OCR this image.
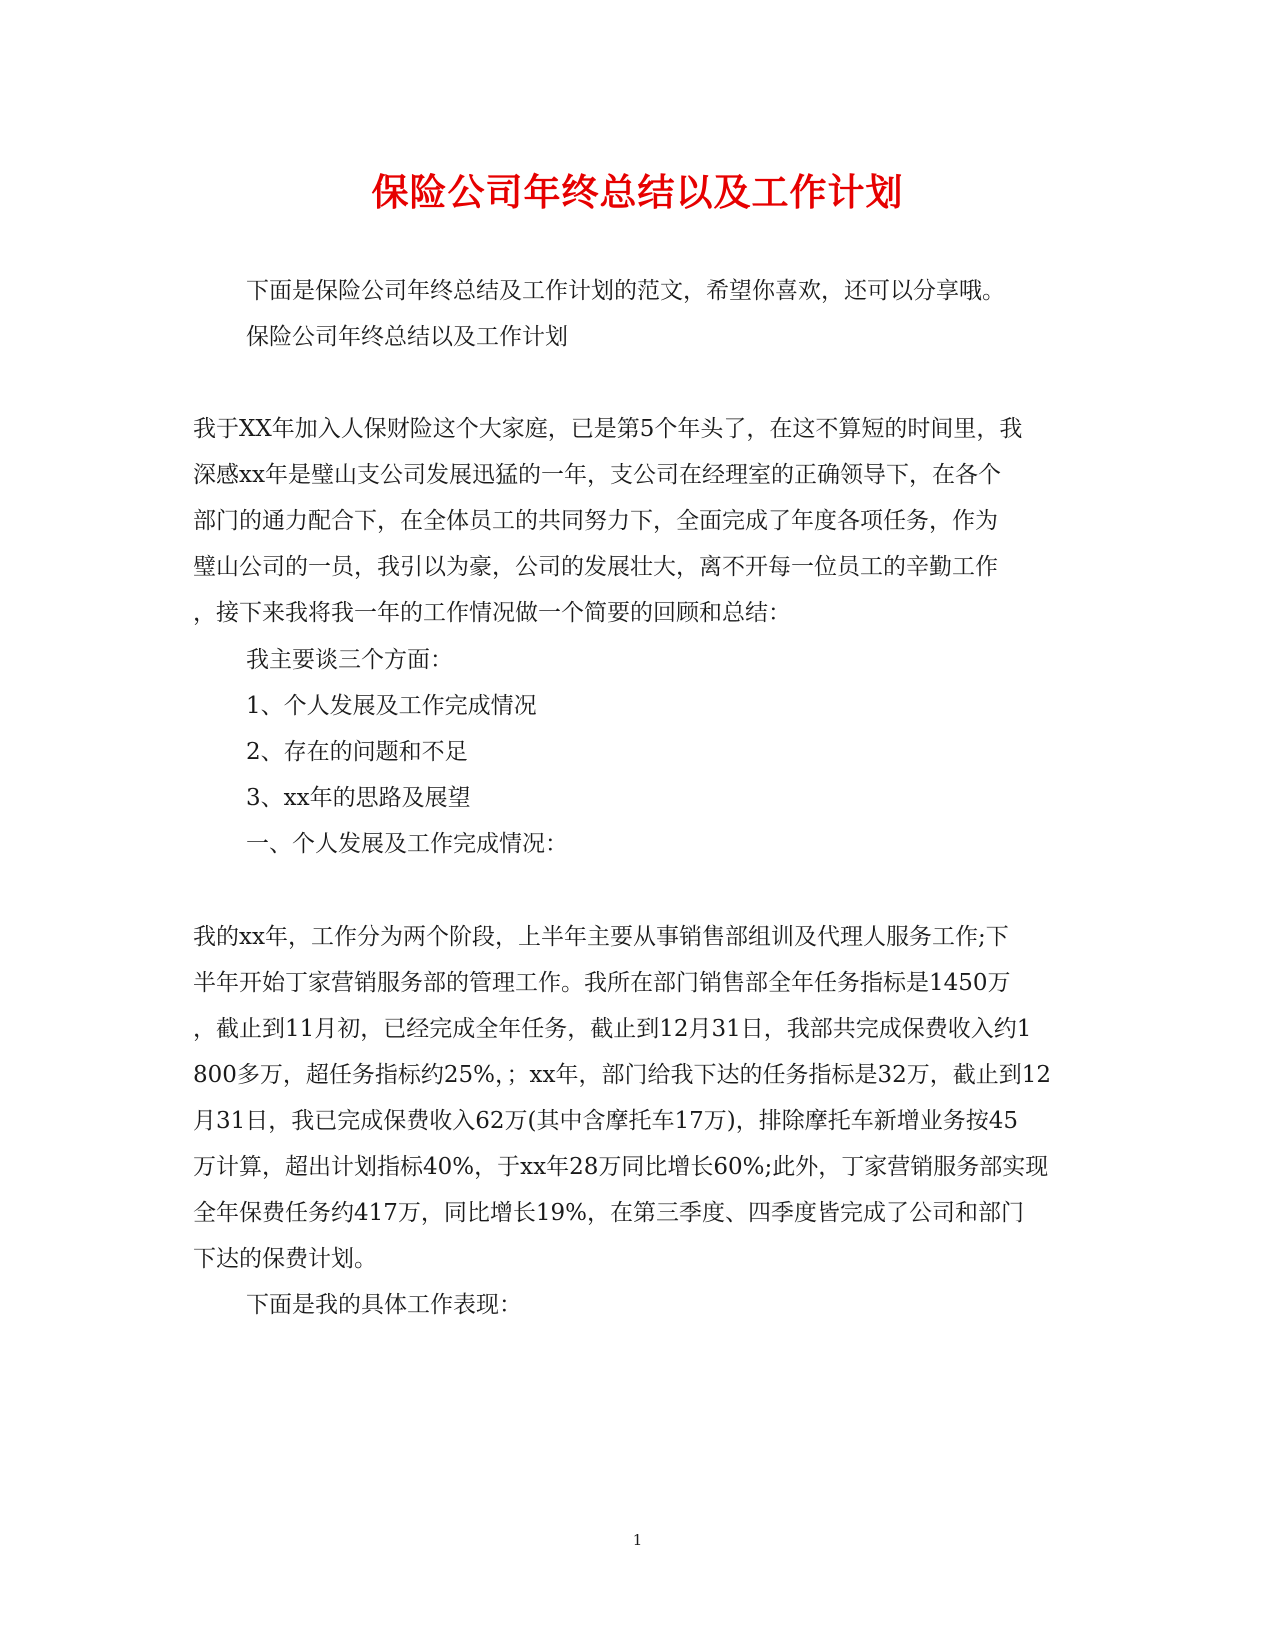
保险公司年终总结以及工作计划

下面是保险公司年终总结及工作计划的范文，希望你喜欢，还可以分享哦。

保险公司年终总结以及工作计划

我于XX年加入人保财险这个大家庭，已是第5个年头了，在这不算短的时间里，我

深感xx年是璧山支公司发展迅猛的一年，支公司在经理室的正确领导下，在各个

部门的通力配合下，在全体员工的共同努力下，全面完成了年度各项任务，作为

璧山公司的一员，我引以为豪，公司的发展壮大，离不开每一位员工的辛勤工作

，接下来我将我一年的工作情况做一个简要的回顾和总结：

我主要谈三个方面：

1、个人发展及工作完成情况

2、存在的问题和不足

3、xx年的思路及展望

一、个人发展及工作完成情况：

我的xx年，工作分为两个阶段，上半年主要从事销售部组训及代理人服务工作;下

半年开始丁家营销服务部的管理工作。我所在部门销售部全年任务指标是1450万

，截止到11月初，已经完成全年任务，截止到12月31日，我部共完成保费收入约1

800多万，超任务指标约25%，；xx年，部门给我下达的任务指标是32万，截止到12

月31日，我已完成保费收入62万(其中含摩托车17万)，排除摩托车新增业务按45

万计算，超出计划指标40%，于xx年28万同比增长60%;此外，丁家营销服务部实现

全年保费任务约417万，同比增长19%，在第三季度、四季度皆完成了公司和部门

下达的保费计划。

下面是我的具体工作表现：

1
